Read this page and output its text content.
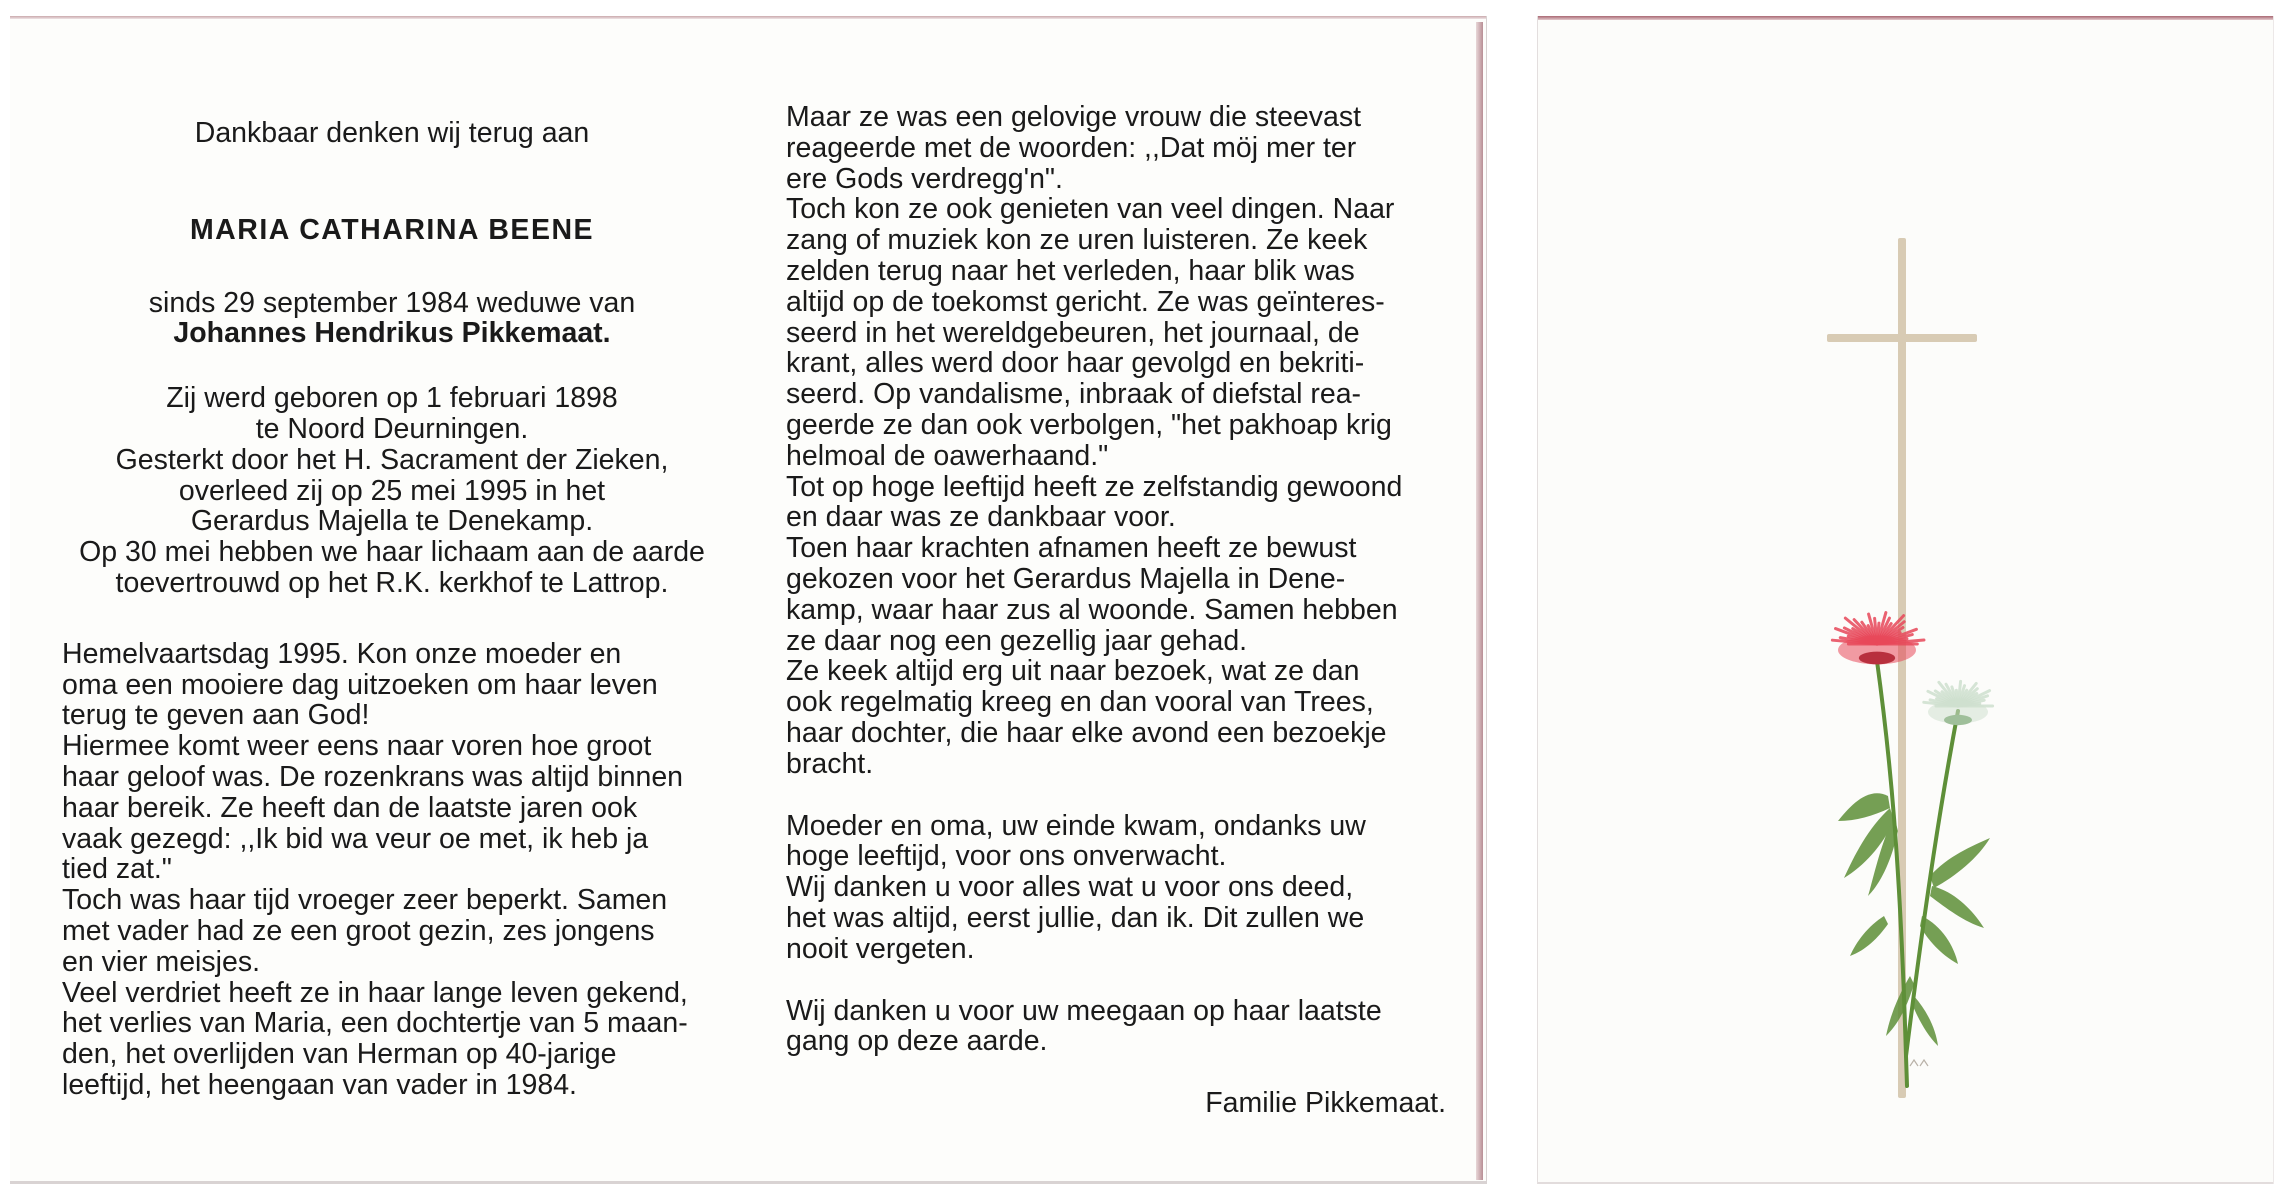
Dankbaar denken wij terug aan
MARIA CATHARINA BEENE
sinds 29 september 1984 weduwe van
Johannes Hendrikus Pikkemaat.
Zij werd geboren op 1 februari 1898
te Noord Deurningen.
Gesterkt door het H. Sacrament der Zieken,
overleed zij op 25 mei 1995 in het
Gerardus Majella te Denekamp.
Op 30 mei hebben we haar lichaam aan de aarde
toevertrouwd op het R.K. kerkhof te Lattrop.
Hemelvaartsdag 1995. Kon onze moeder en
oma een mooiere dag uitzoeken om haar leven
terug te geven aan God!
Hiermee komt weer eens naar voren hoe groot
haar geloof was. De rozenkrans was altijd binnen
haar bereik. Ze heeft dan de laatste jaren ook
vaak gezegd: ,,Ik bid wa veur oe met, ik heb ja
tied zat."
Toch was haar tijd vroeger zeer beperkt. Samen
met vader had ze een groot gezin, zes jongens
en vier meisjes.
Veel verdriet heeft ze in haar lange leven gekend,
het verlies van Maria, een dochtertje van 5 maan-
den, het overlijden van Herman op 40-jarige
leeftijd, het heengaan van vader in 1984.
Maar ze was een gelovige vrouw die steevast
reageerde met de woorden: ,,Dat möj mer ter
ere Gods verdregg'n".
Toch kon ze ook genieten van veel dingen. Naar
zang of muziek kon ze uren luisteren. Ze keek
zelden terug naar het verleden, haar blik was
altijd op de toekomst gericht. Ze was geïnteres-
seerd in het wereldgebeuren, het journaal, de
krant, alles werd door haar gevolgd en bekriti-
seerd. Op vandalisme, inbraak of diefstal rea-
geerde ze dan ook verbolgen, "het pakhoap krig
helmoal de oawerhaand."
Tot op hoge leeftijd heeft ze zelfstandig gewoond
en daar was ze dankbaar voor.
Toen haar krachten afnamen heeft ze bewust
gekozen voor het Gerardus Majella in Dene-
kamp, waar haar zus al woonde. Samen hebben
ze daar nog een gezellig jaar gehad.
Ze keek altijd erg uit naar bezoek, wat ze dan
ook regelmatig kreeg en dan vooral van Trees,
haar dochter, die haar elke avond een bezoekje
bracht.
Moeder en oma, uw einde kwam, ondanks uw
hoge leeftijd, voor ons onverwacht.
Wij danken u voor alles wat u voor ons deed,
het was altijd, eerst jullie, dan ik. Dit zullen we
nooit vergeten.
Wij danken u voor uw meegaan op haar laatste
gang op deze aarde.
Familie Pikkemaat.
